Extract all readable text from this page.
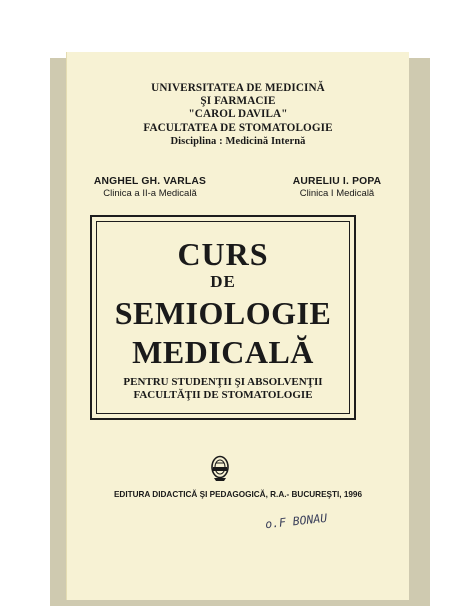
UNIVERSITATEA DE MEDICINĂ
ŞI FARMACIE
"CAROL DAVILA"
FACULTATEA DE STOMATOLOGIE
Disciplina : Medicină Internă
ANGHEL GH. VARLAS
Clinica a II-a Medicală
AURELIU I. POPA
Clinica I Medicală
CURS
DE
SEMIOLOGIE
MEDICALĂ
PENTRU STUDENŢII ŞI ABSOLVENŢII
FACULTĂŢII DE STOMATOLOGIE
EDITURA DIDACTICĂ ŞI PEDAGOGICĂ, R.A.- BUCUREŞTI, 1996
o.F BONAU
